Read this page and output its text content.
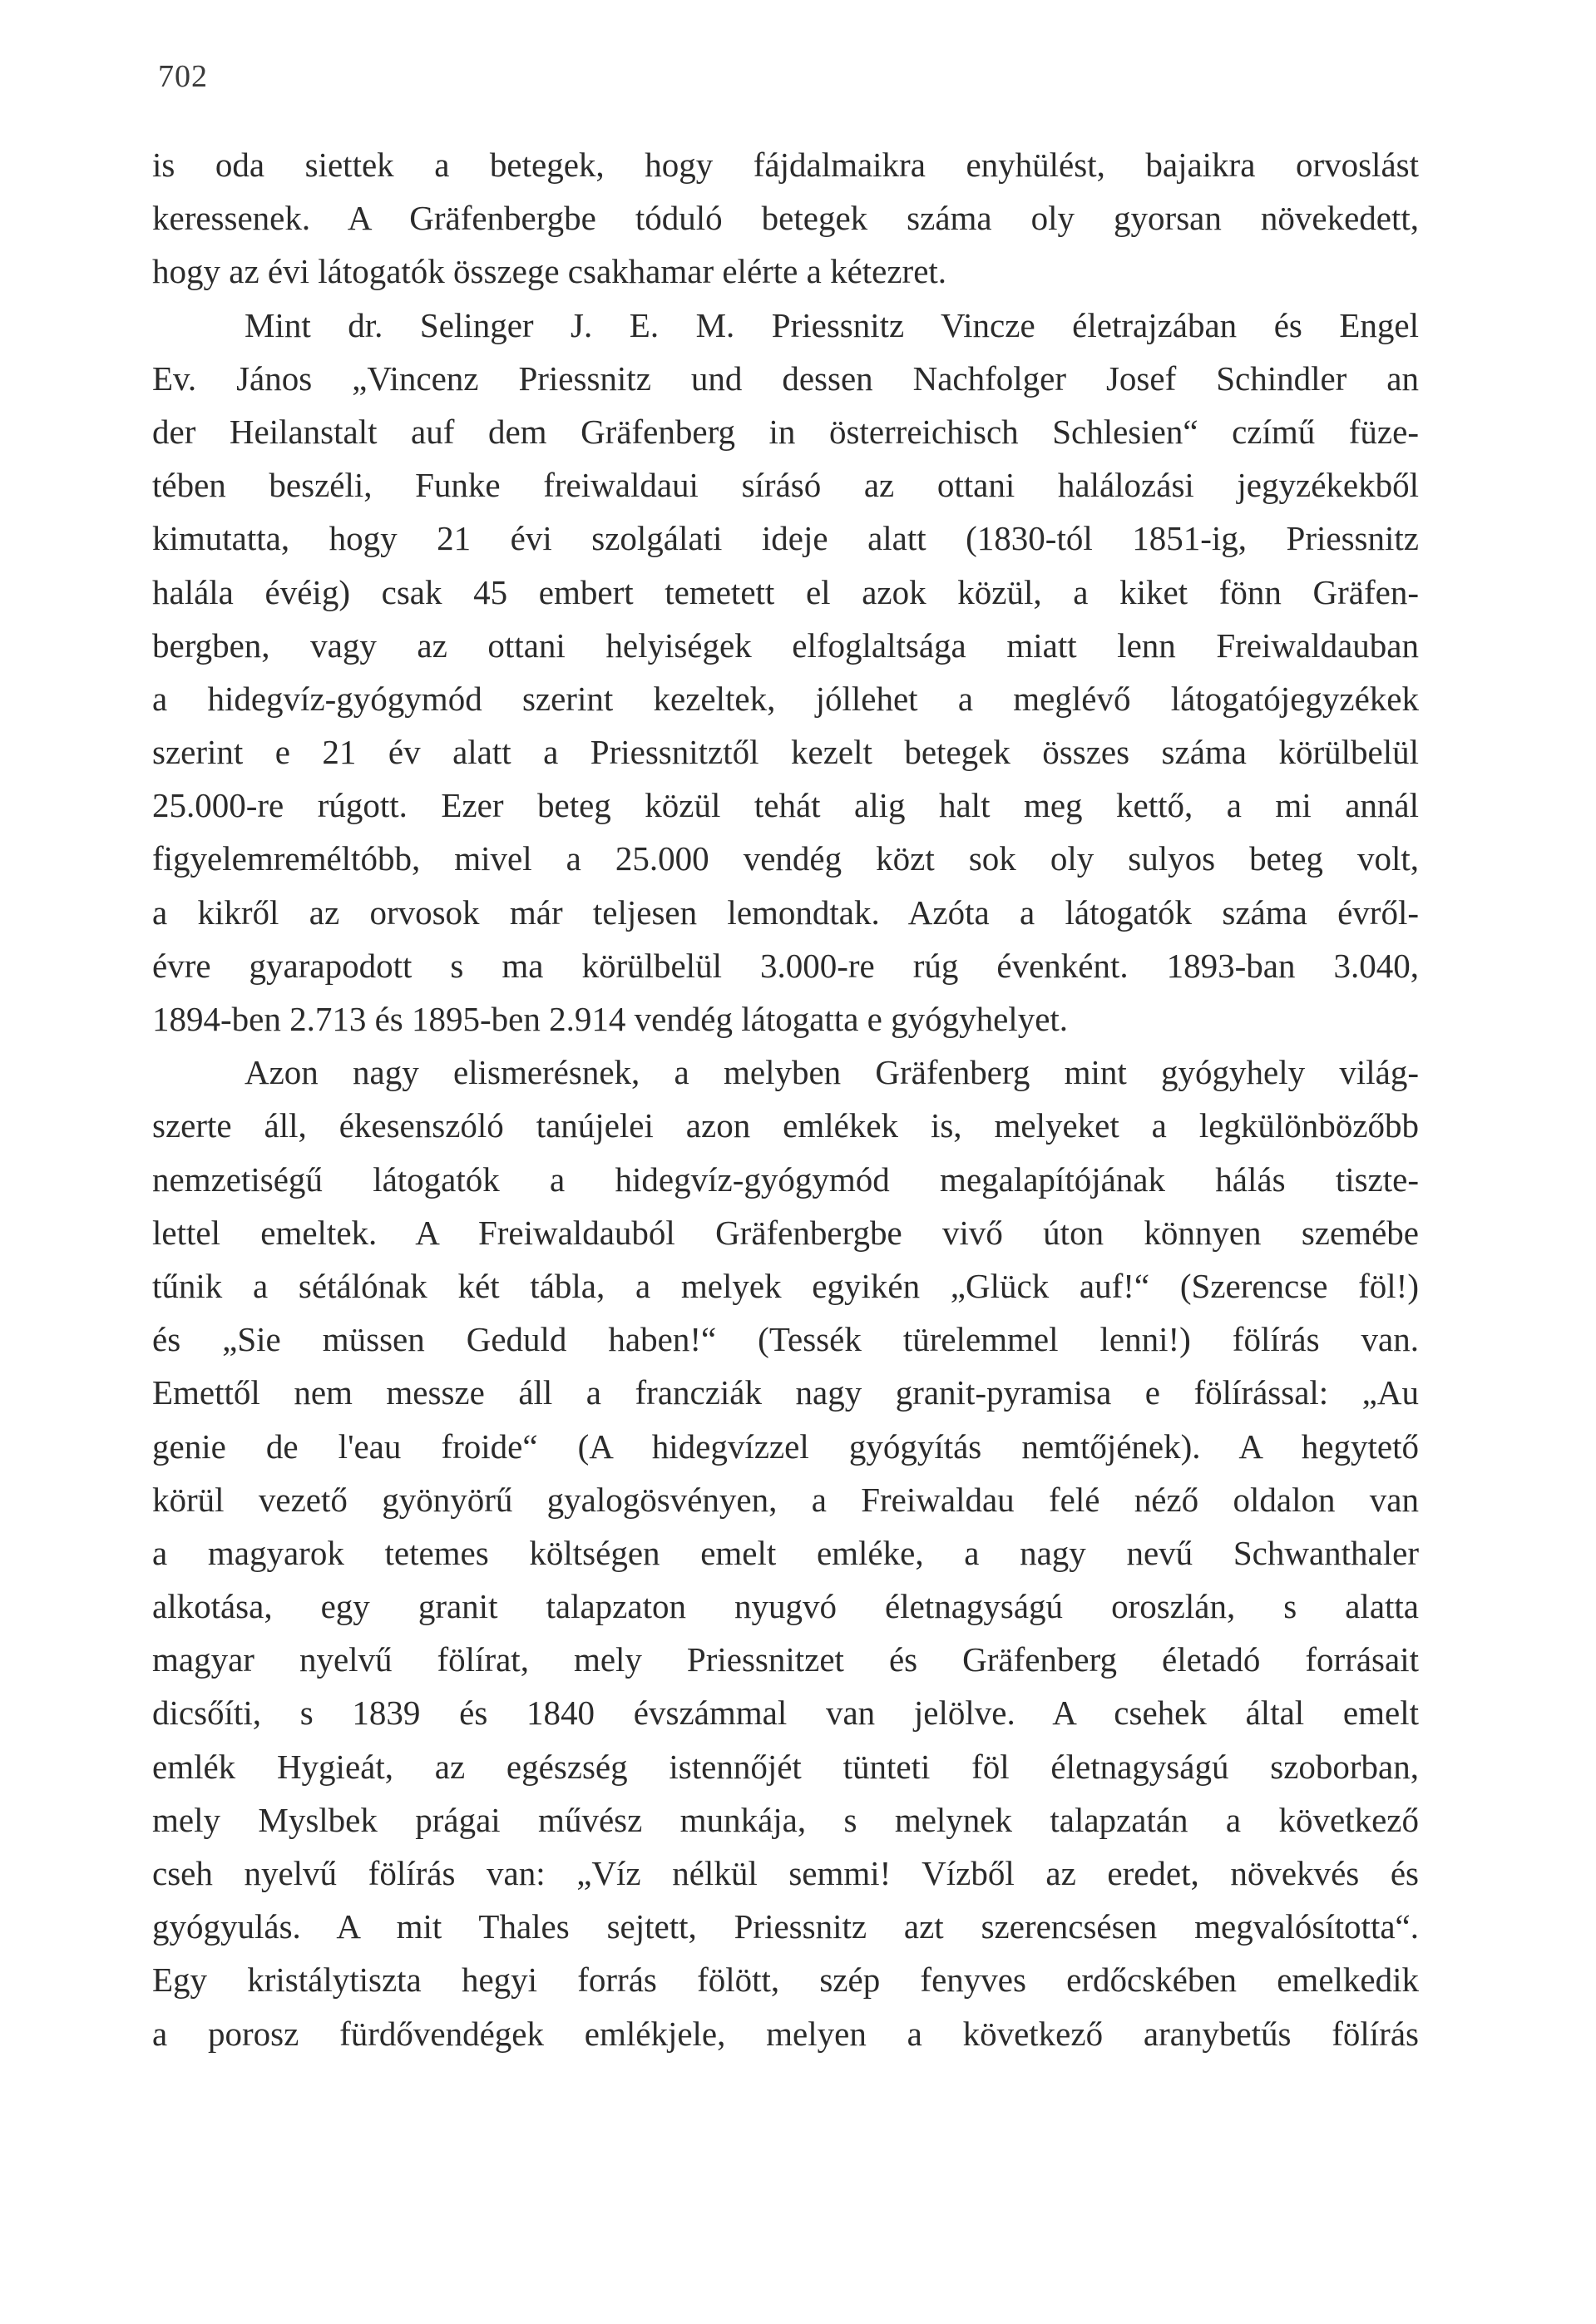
702
is oda siettek a betegek, hogy fájdalmaikra enyhülést, bajaikra orvoslást
keressenek. A Gräfenbergbe tóduló betegek száma oly gyorsan növekedett,
hogy az évi látogatók összege csakhamar elérte a kétezret.
Mint dr. Selinger J. E. M. Priessnitz Vincze életrajzában és Engel
Ev. János „Vincenz Priessnitz und dessen Nachfolger Josef Schindler an
der Heilanstalt auf dem Gräfenberg in österreichisch Schlesien“ czímű füze-
tében beszéli, Funke freiwaldaui sírásó az ottani halálozási jegyzékekből
kimutatta, hogy 21 évi szolgálati ideje alatt (1830-tól 1851-ig, Priessnitz
halála évéig) csak 45 embert temetett el azok közül, a kiket fönn Gräfen-
bergben, vagy az ottani helyiségek elfoglaltsága miatt lenn Freiwaldauban
a hidegvíz-gyógymód szerint kezeltek, jóllehet a meglévő látogatójegyzékek
szerint e 21 év alatt a Priessnitztől kezelt betegek összes száma körülbelül
25.000-re rúgott. Ezer beteg közül tehát alig halt meg kettő, a mi annál
figyelemreméltóbb, mivel a 25.000 vendég közt sok oly sulyos beteg volt,
a kikről az orvosok már teljesen lemondtak. Azóta a látogatók száma évről-
évre gyarapodott s ma körülbelül 3.000-re rúg évenként. 1893-ban 3.040,
1894-ben 2.713 és 1895-ben 2.914 vendég látogatta e gyógyhelyet.
Azon nagy elismerésnek, a melyben Gräfenberg mint gyógyhely világ-
szerte áll, ékesenszóló tanújelei azon emlékek is, melyeket a legkülönbözőbb
nemzetiségű látogatók a hidegvíz-gyógymód megalapítójának hálás tiszte-
lettel emeltek. A Freiwaldauból Gräfenbergbe vivő úton könnyen szemébe
tűnik a sétálónak két tábla, a melyek egyikén „Glück auf!“ (Szerencse föl!)
és „Sie müssen Geduld haben!“ (Tessék türelemmel lenni!) fölírás van.
Emettől nem messze áll a francziák nagy granit-pyramisa e fölírással: „Au
genie de l'eau froide“ (A hidegvízzel gyógyítás nemtőjének). A hegytető
körül vezető gyönyörű gyalogösvényen, a Freiwaldau felé néző oldalon van
a magyarok tetemes költségen emelt emléke, a nagy nevű Schwanthaler
alkotása, egy granit talapzaton nyugvó életnagyságú oroszlán, s alatta
magyar nyelvű fölírat, mely Priessnitzet és Gräfenberg életadó forrásait
dicsőíti, s 1839 és 1840 évszámmal van jelölve. A csehek által emelt
emlék Hygieát, az egészség istennőjét tünteti föl életnagyságú szoborban,
mely Myslbek prágai művész munkája, s melynek talapzatán a következő
cseh nyelvű fölírás van: „Víz nélkül semmi! Vízből az eredet, növekvés és
gyógyulás. A mit Thales sejtett, Priessnitz azt szerencsésen megvalósította“.
Egy kristálytiszta hegyi forrás fölött, szép fenyves erdőcskében emelkedik
a porosz fürdővendégek emlékjele, melyen a következő aranybetűs fölírás
